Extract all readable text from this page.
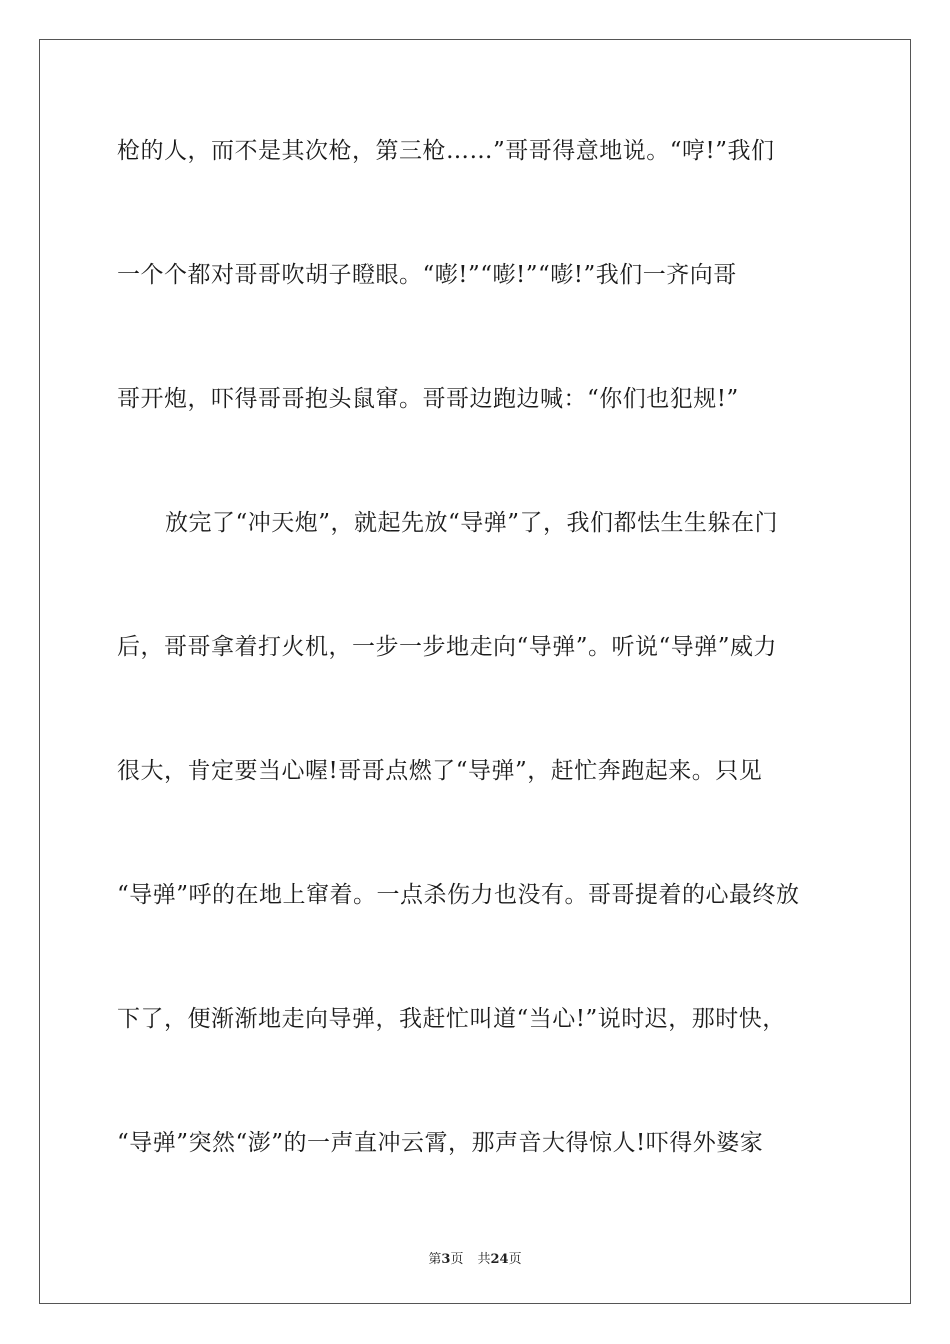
枪的人，而不是其次枪，第三枪……”哥哥得意地说。“哼!”我们
一个个都对哥哥吹胡子瞪眼。“嘭!”“嘭!”“嘭!”我们一齐向哥
哥开炮，吓得哥哥抱头鼠窜。哥哥边跑边喊：“你们也犯规!”
放完了“冲天炮”，就起先放“导弹”了，我们都怯生生躲在门
后，哥哥拿着打火机，一步一步地走向“导弹”。听说“导弹”威力
很大，肯定要当心喔!哥哥点燃了“导弹”，赶忙奔跑起来。只见
“导弹”呼的在地上窜着。一点杀伤力也没有。哥哥提着的心最终放
下了，便渐渐地走向导弹，我赶忙叫道“当心!”说时迟，那时快，
“导弹”突然“澎”的一声直冲云霄，那声音大得惊人!吓得外婆家
第3页 共24页
